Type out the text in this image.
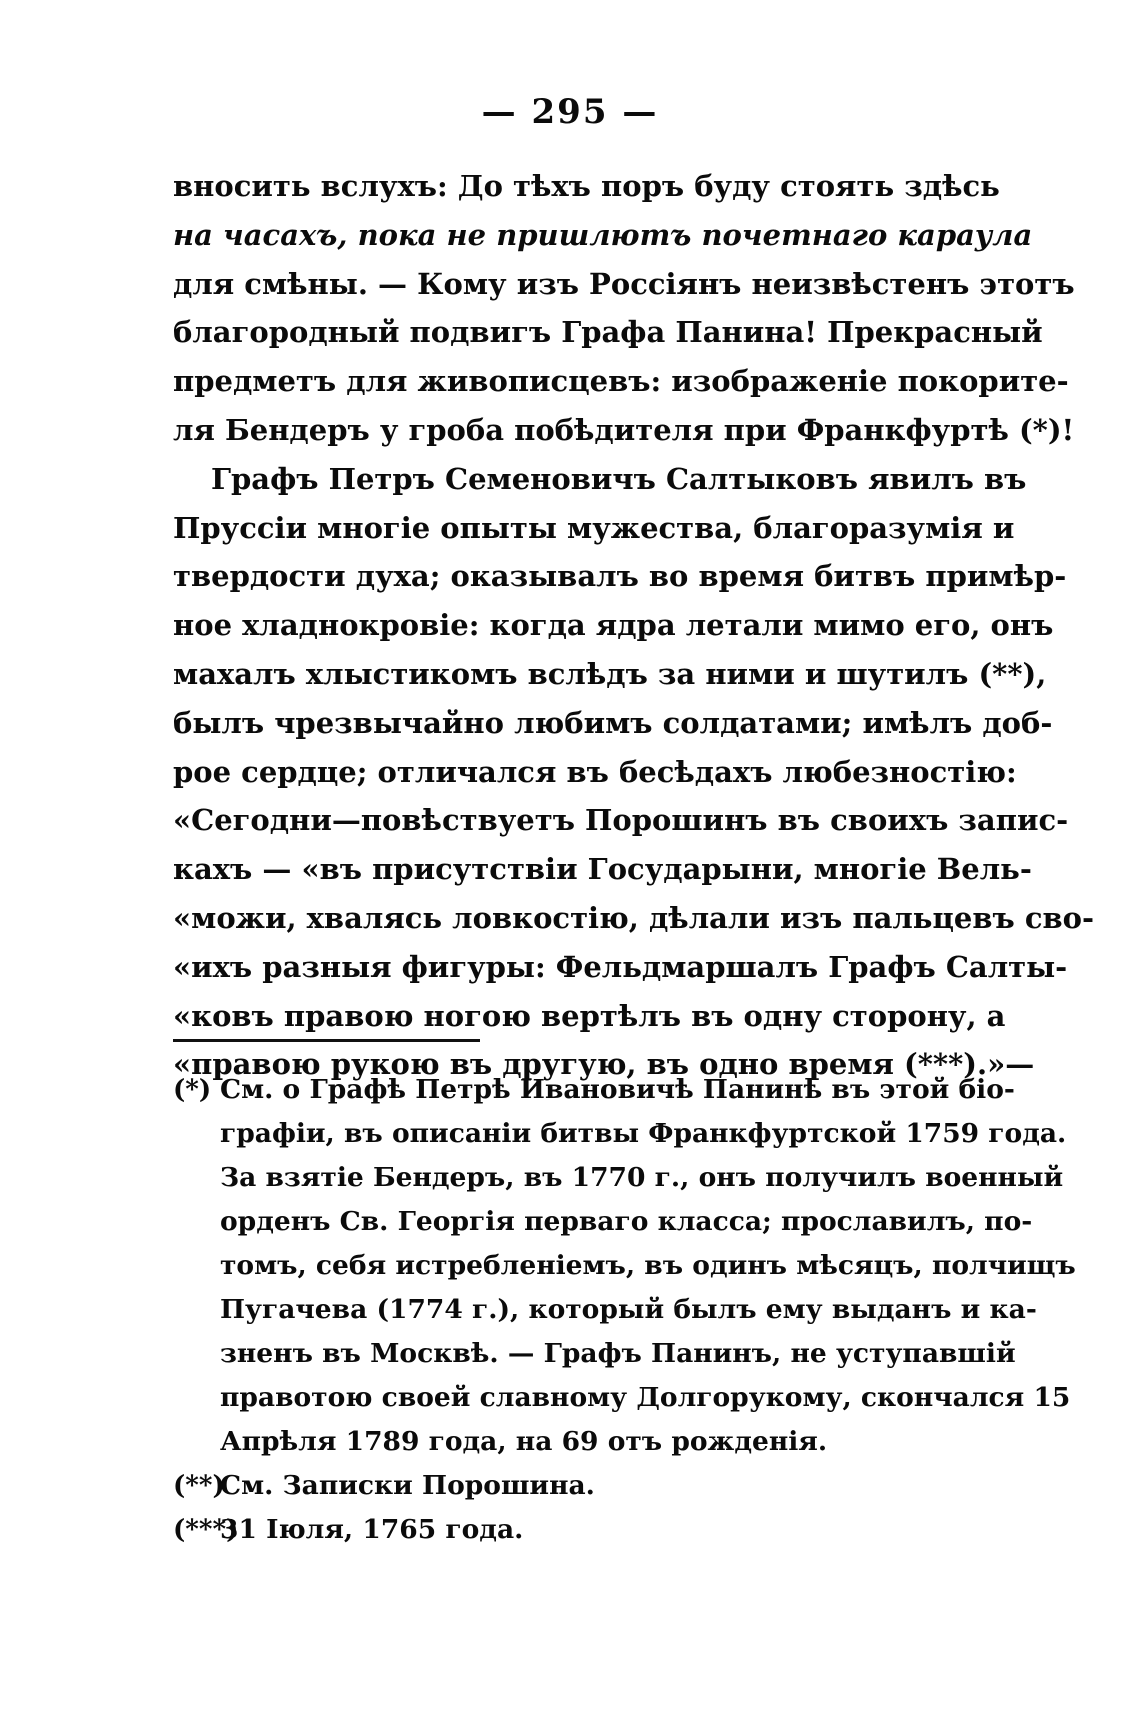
— 295 —
вносить вслухъ: До тѣхъ поръ буду стоять здѣсь
на часахъ, пока не пришлютъ почетнаго караула
для смѣны. — Кому изъ Россіянъ неизвѣстенъ этотъ
благородный подвигъ Графа Панина! Прекрасный
предметъ для живописцевъ: изображеніе покорите-
ля Бендеръ у гроба побѣдителя при Франкфуртѣ (*)!
Графъ Петръ Семеновичъ Салтыковъ явилъ въ
Пруссіи многіе опыты мужества, благоразумія и
твердости духа; оказывалъ во время битвъ примѣр-
ное хладнокровіе: когда ядра летали мимо его, онъ
махалъ хлыстикомъ вслѣдъ за ними и шутилъ (**),
былъ чрезвычайно любимъ солдатами; имѣлъ доб-
рое сердце; отличался въ бесѣдахъ любезностію:
«Сегодни—повѣствуетъ Порошинъ въ своихъ запис-
кахъ — «въ присутствіи Государыни, многіе Вель-
«можи, хвалясь ловкостію, дѣлали изъ пальцевъ сво-
«ихъ разныя фигуры: Фельдмаршалъ Графъ Салты-
«ковъ правою ногою вертѣлъ въ одну сторону, а
«правою рукою въ другую, въ одно время (***).»—
(*) См. о Графѣ Петрѣ Ивановичѣ Панинѣ въ этой біо-
графіи, въ описаніи битвы Франкфуртской 1759 года.
За взятіе Бендеръ, въ 1770 г., онъ получилъ военный
орденъ Св. Георгія перваго класса; прославилъ, по-
томъ, себя истребленіемъ, въ одинъ мѣсяцъ, полчищъ
Пугачева (1774 г.), который былъ ему выданъ и ка-
зненъ въ Москвѣ. — Графъ Панинъ, не уступавшій
правотою своей славному Долгорукому, скончался 15
Апрѣля 1789 года, на 69 отъ рожденія.
(**)
См. Записки Порошина.
(***)
31 Іюля, 1765 года.
